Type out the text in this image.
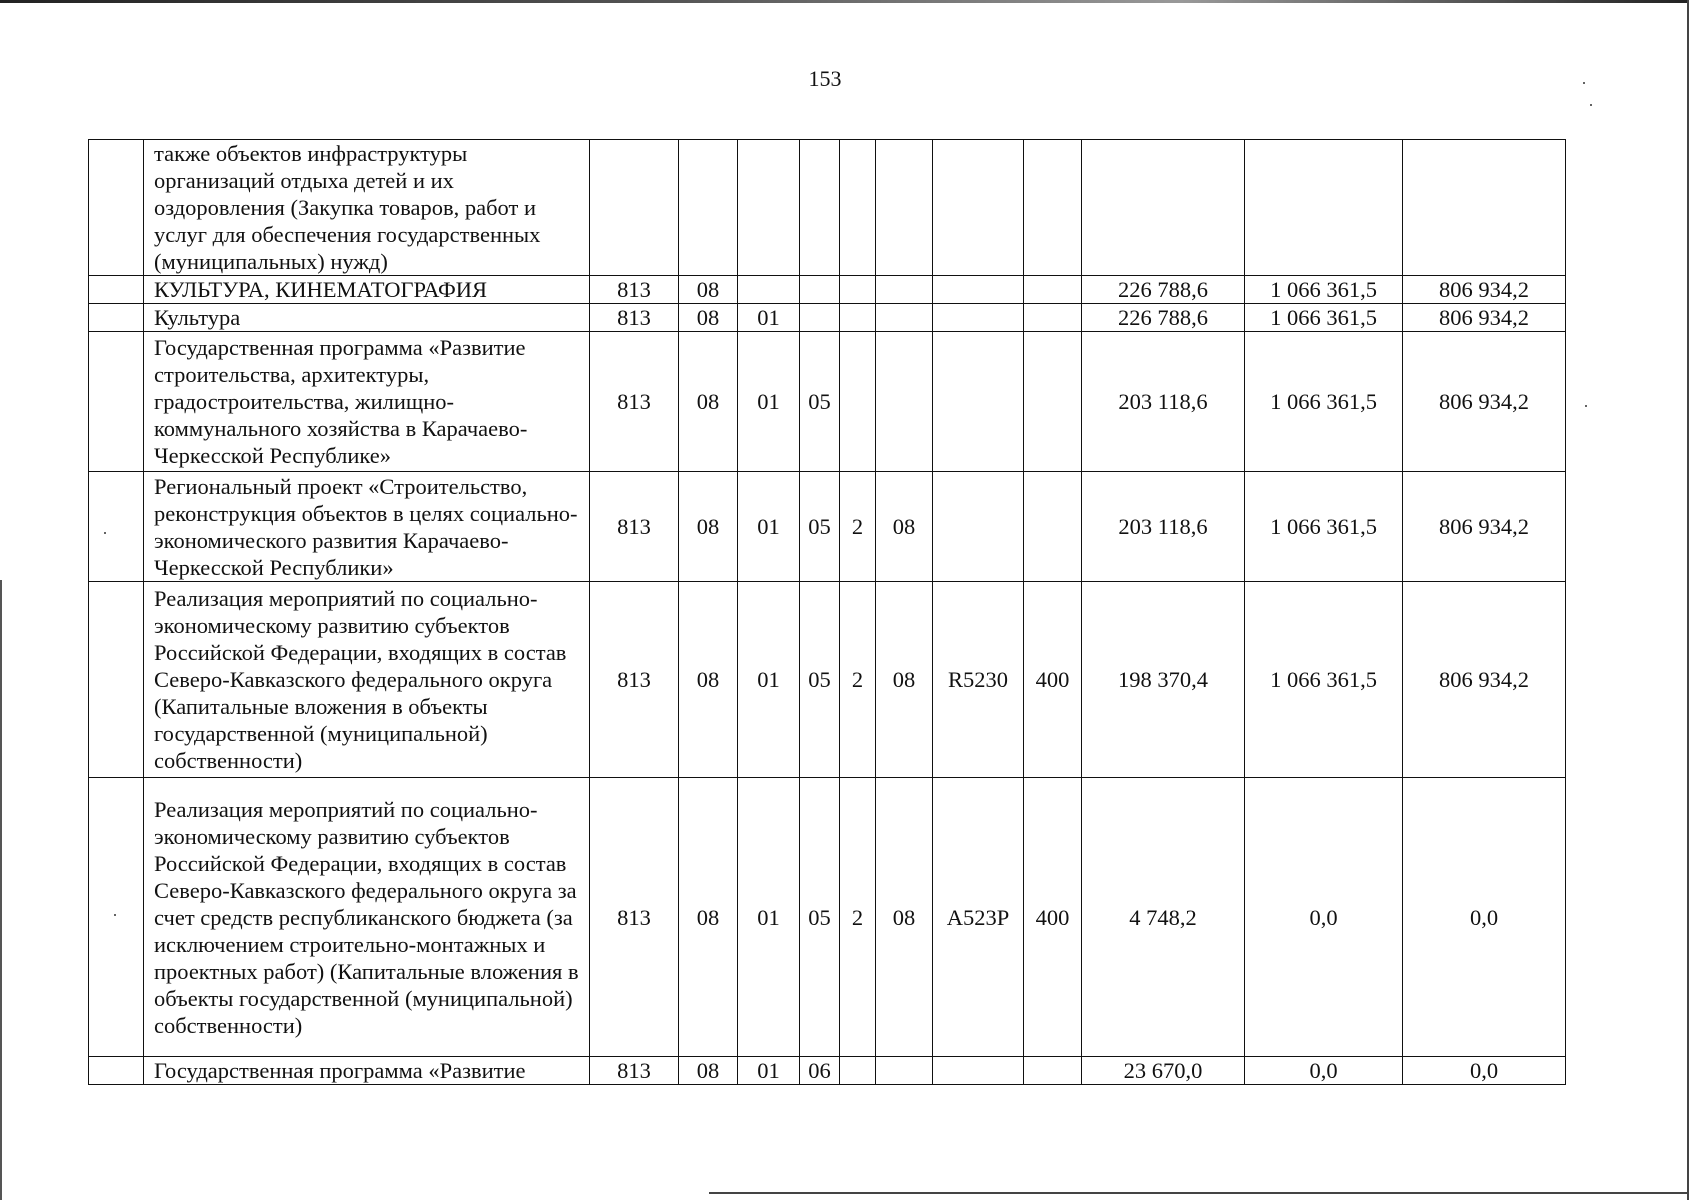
153
	также объектов инфраструктуры организаций отдыха детей и их оздоровления (Закупка товаров, работ и услуг для обеспечения государственных (муниципальных) нужд)											
	КУЛЬТУРА, КИНЕМАТОГРАФИЯ	813	08							226 788,6	1 066 361,5	806 934,2
	Культура	813	08	01						226 788,6	1 066 361,5	806 934,2
	Государственная программа «Развитие строительства, архитектуры, градостроительства, жилищно-коммунального хозяйства в Карачаево-Черкесской Республике»	813	08	01	05					203 118,6	1 066 361,5	806 934,2
	Региональный проект «Строительство, реконструкция объектов в целях социально-экономического развития Карачаево-Черкесской Республики»	813	08	01	05	2	08			203 118,6	1 066 361,5	806 934,2
	Реализация мероприятий по социально-экономическому развитию субъектов Российской Федерации, входящих в состав Северо-Кавказского федерального округа (Капитальные вложения в объекты государственной (муниципальной) собственности)	813	08	01	05	2	08	R5230	400	198 370,4	1 066 361,5	806 934,2
	Реализация мероприятий по социально-экономическому развитию субъектов Российской Федерации, входящих в состав Северо-Кавказского федерального округа за счет средств республиканского бюджета (за исключением строительно-монтажных и проектных работ) (Капитальные вложения в объекты государственной (муниципальной) собственности)	813	08	01	05	2	08	А523Р	400	4 748,2	0,0	0,0
	Государственная программа «Развитие	813	08	01	06					23 670,0	0,0	0,0
